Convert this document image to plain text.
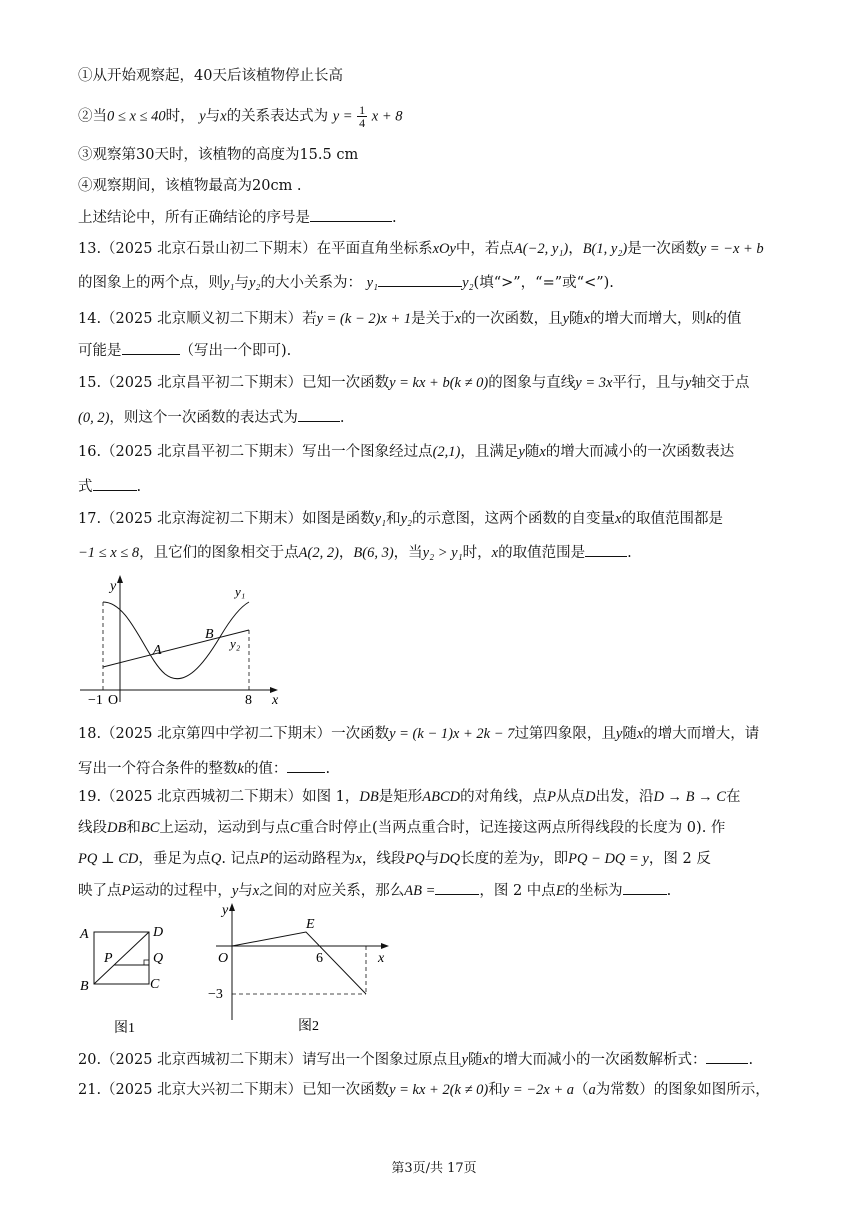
①从开始观察起，40天后该植物停止长高
②当0 ≤ x ≤ 40时， y与x的关系表达式为 $y = \frac{1}{4}$ x + 8
③观察第30天时，该植物的高度为15.5 cm
④观察期间，该植物最高为20cm .
上述结论中，所有正确结论的序号是	.
13.（2025 北京石景山初二下期末）在平面直角坐标系xOy中，若点A(−2, y₁)，B(1, y₂)是一次函数y = −x + b
的图象上的两个点，则y₁与y₂的大小关系为： y₁	y₂(填“>”，“=”或“<”).
14.（2025 北京顺义初二下期末）若y = (k − 2)x + 1是关于x的一次函数，且y随x的增大而增大，则k的值
可能是	（写出一个即可).
15.（2025 北京昌平初二下期末）已知一次函数y = kx + b(k ≠ 0)的图象与直线y = 3x平行，且与y轴交于点
(0, 2)，则这个一次函数的表达式为	.
16.（2025 北京昌平初二下期末）写出一个图象经过点(2,1)，且满足y随x的增大而减小的一次函数表达
式	.
17.（2025 北京海淀初二下期末）如图是函数y₁和y₂的示意图，这两个函数的自变量x的取值范围都是
−1 ≤ x ≤ 8，且它们的图象相交于点A(2, 2)，B(6, 3)，当y₂ > y₁时，x的取值范围是	.
y
x
O
−1	8
A
B
y₁
y₂
18.（2025 北京第四中学初二下期末）一次函数y = (k − 1)x + 2k − 7过第四象限，且y随x的增大而增大，请
写出一个符合条件的整数k的值：	.
19.（2025 北京西城初二下期末）如图 1，DB是矩形ABCD的对角线，点P从点D出发，沿D → B → C在
线段DB和BC上运动，运动到与点C重合时停止(当两点重合时，记连接这两点所得线段的长度为 0). 作
PQ ⊥ CD，垂足为点Q. 记点P的运动路程为x，线段PQ与DQ长度的差为y，即PQ − DQ = y，图 2 反
映了点P运动的过程中，y与x之间的对应关系，那么AB =	，图 2 中点E的坐标为	.
A	D
B	C
P	Q
图1
y
x
O
E
6
−3
图2
20.（2025 北京西城初二下期末）请写出一个图象过原点且y随x的增大而减小的一次函数解析式：	.
21.（2025 北京大兴初二下期末）已知一次函数y = kx + 2(k ≠ 0)和y = −2x + a（a为常数）的图象如图所示，
第3页/共 17页
